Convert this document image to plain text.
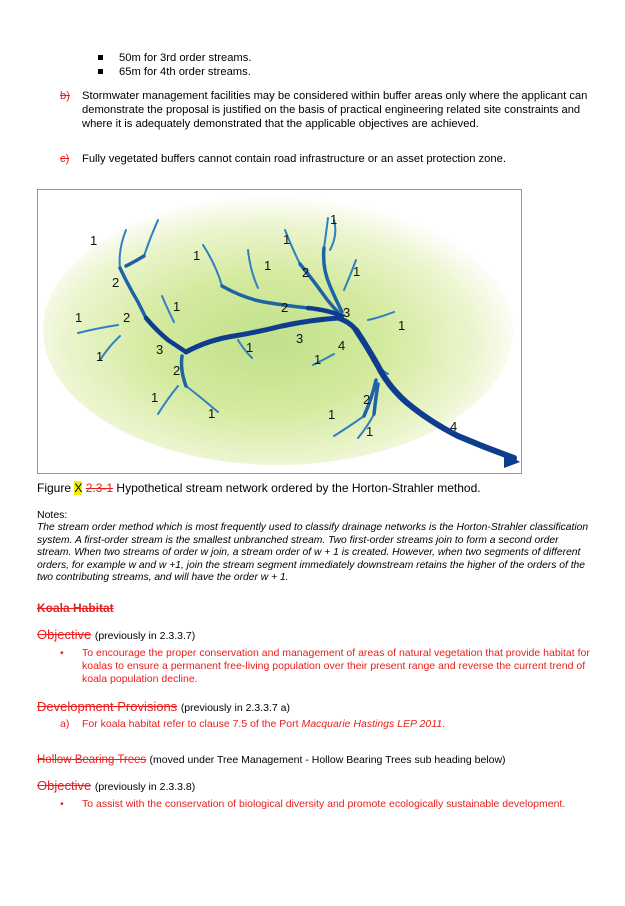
50m for 3rd order streams.
65m for 4th order streams.
b) Stormwater management facilities may be considered within buffer areas only where the applicant can demonstrate the proposal is justified on the basis of practical engineering related site constraints and where it is adequately demonstrated that the applicable objectives are achieved.
c) Fully vegetated buffers cannot contain road infrastructure or an asset protection zone.
1
2
1	2
1	3
1
2
1
1
1
1
1
1
2	1
2	3
3
1	4
1
1
2
1
1	4
Figure X 2.3-1 Hypothetical stream network ordered by the Horton-Strahler method.
Notes:
The stream order method which is most frequently used to classify drainage networks is the Horton-Strahler classification system. A first-order stream is the smallest unbranched stream. Two first-order streams join to form a second order stream. When two streams of order w join, a stream order of w + 1 is created. However, when two segments of different orders, for example w and w +1, join the stream segment immediately downstream retains the higher of the orders of the two contributing streams, and will have the order w + 1.
Koala Habitat
Objective (previously in 2.3.3.7)
• To encourage the proper conservation and management of areas of natural vegetation that provide habitat for koalas to ensure a permanent free-living population over their present range and reverse the current trend of koala population decline.
Development Provisions (previously in 2.3.3.7 a)
a) For koala habitat refer to clause 7.5 of the Port Macquarie Hastings LEP 2011.
Hollow Bearing Trees (moved under Tree Management - Hollow Bearing Trees sub heading below)
Objective (previously in 2.3.3.8)
• To assist with the conservation of biological diversity and promote ecologically sustainable development.
